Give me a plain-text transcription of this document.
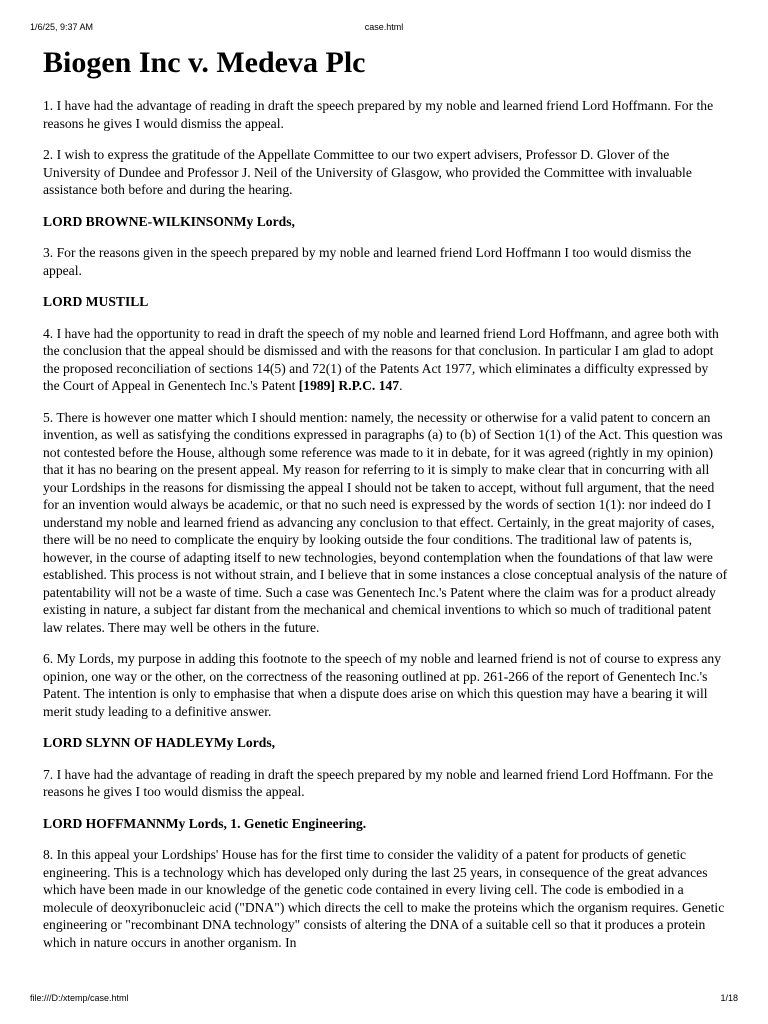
1/6/25, 9:37 AM	case.html
Biogen Inc v. Medeva Plc

1. I have had the advantage of reading in draft the speech prepared by my noble and learned friend Lord Hoffmann. For the reasons he gives I would dismiss the appeal.

2. I wish to express the gratitude of the Appellate Committee to our two expert advisers, Professor D. Glover of the University of Dundee and Professor J. Neil of the University of Glasgow, who provided the Committee with invaluable assistance both before and during the hearing.

LORD BROWNE-WILKINSONMy Lords,

3. For the reasons given in the speech prepared by my noble and learned friend Lord Hoffmann I too would dismiss the appeal.

LORD MUSTILL

4. I have had the opportunity to read in draft the speech of my noble and learned friend Lord Hoffmann, and agree both with the conclusion that the appeal should be dismissed and with the reasons for that conclusion. In particular I am glad to adopt the proposed reconciliation of sections 14(5) and 72(1) of the Patents Act 1977, which eliminates a difficulty expressed by the Court of Appeal in Genentech Inc.'s Patent [1989] R.P.C. 147.

5. There is however one matter which I should mention: namely, the necessity or otherwise for a valid patent to concern an invention, as well as satisfying the conditions expressed in paragraphs (a) to (b) of Section 1(1) of the Act. This question was not contested before the House, although some reference was made to it in debate, for it was agreed (rightly in my opinion) that it has no bearing on the present appeal. My reason for referring to it is simply to make clear that in concurring with all your Lordships in the reasons for dismissing the appeal I should not be taken to accept, without full argument, that the need for an invention would always be academic, or that no such need is expressed by the words of section 1(1): nor indeed do I understand my noble and learned friend as advancing any conclusion to that effect. Certainly, in the great majority of cases, there will be no need to complicate the enquiry by looking outside the four conditions. The traditional law of patents is, however, in the course of adapting itself to new technologies, beyond contemplation when the foundations of that law were established. This process is not without strain, and I believe that in some instances a close conceptual analysis of the nature of patentability will not be a waste of time. Such a case was Genentech Inc.'s Patent where the claim was for a product already existing in nature, a subject far distant from the mechanical and chemical inventions to which so much of traditional patent law relates. There may well be others in the future.

6. My Lords, my purpose in adding this footnote to the speech of my noble and learned friend is not of course to express any opinion, one way or the other, on the correctness of the reasoning outlined at pp. 261-266 of the report of Genentech Inc.'s Patent. The intention is only to emphasise that when a dispute does arise on which this question may have a bearing it will merit study leading to a definitive answer.

LORD SLYNN OF HADLEYMy Lords,

7. I have had the advantage of reading in draft the speech prepared by my noble and learned friend Lord Hoffmann. For the reasons he gives I too would dismiss the appeal.

LORD HOFFMANNMy Lords, 1. Genetic Engineering.

8. In this appeal your Lordships' House has for the first time to consider the validity of a patent for products of genetic engineering. This is a technology which has developed only during the last 25 years, in consequence of the great advances which have been made in our knowledge of the genetic code contained in every living cell. The code is embodied in a molecule of deoxyribonucleic acid ("DNA") which directs the cell to make the proteins which the organism requires. Genetic engineering or "recombinant DNA technology" consists of altering the DNA of a suitable cell so that it produces a protein which in nature occurs in another organism. In

file:///D:/xtemp/case.html	1/18
